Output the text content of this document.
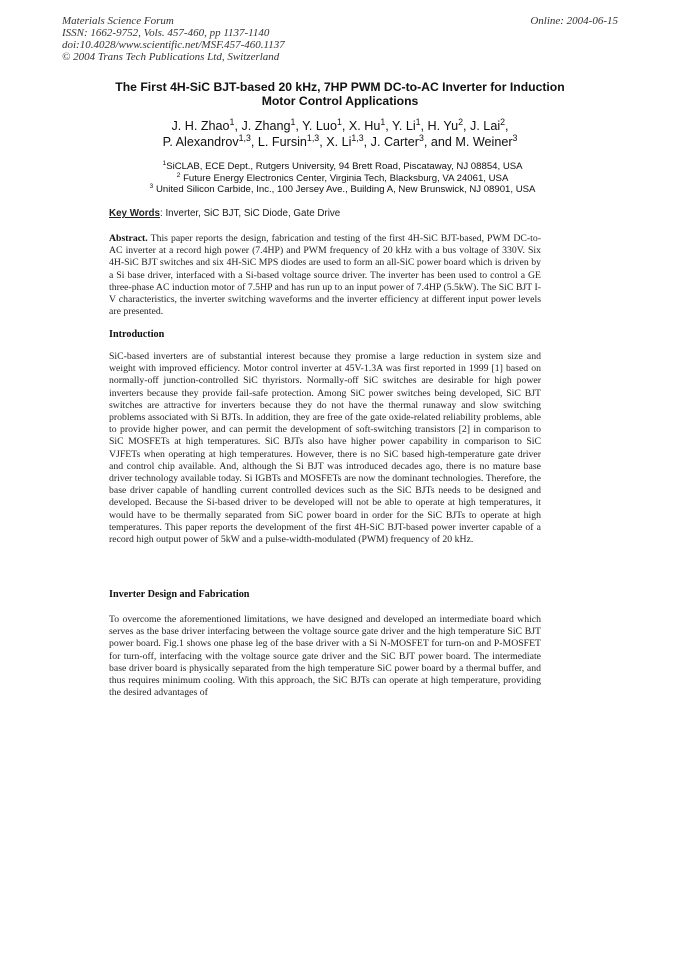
Materials Science Forum
ISSN: 1662-9752, Vols. 457-460, pp 1137-1140
doi:10.4028/www.scientific.net/MSF.457-460.1137
© 2004 Trans Tech Publications Ltd, Switzerland
Online: 2004-06-15
The First 4H-SiC BJT-based 20 kHz, 7HP PWM DC-to-AC Inverter for Induction Motor Control Applications
J. H. Zhao$^1$, J. Zhang$^1$, Y. Luo$^1$, X. Hu$^1$, Y. Li$^1$, H. Yu$^2$, J. Lai$^2$,
P. Alexandrov$^{1,3}$, L. Fursin$^{1,3}$, X. Li$^{1,3}$, J. Carter$^3$, and M. Weiner$^3$
$^1$SiCLAB, ECE Dept., Rutgers University, 94 Brett Road, Piscataway, NJ 08854, USA
$^2$ Future Energy Electronics Center, Virginia Tech, Blacksburg, VA 24061, USA
$^3$ United Silicon Carbide, Inc., 100 Jersey Ave., Building A, New Brunswick, NJ 08901, USA
Key Words: Inverter, SiC BJT, SiC Diode, Gate Drive
Abstract. This paper reports the design, fabrication and testing of the first 4H-SiC BJT-based, PWM DC-to-AC inverter at a record high power (7.4HP) and PWM frequency of 20 kHz with a bus voltage of 330V. Six 4H-SiC BJT switches and six 4H-SiC MPS diodes are used to form an all-SiC power board which is driven by a Si base driver, interfaced with a Si-based voltage source driver. The inverter has been used to control a GE three-phase AC induction motor of 7.5HP and has run up to an input power of 7.4HP (5.5kW). The SiC BJT I-V characteristics, the inverter switching waveforms and the inverter efficiency at different input power levels are presented.
Introduction
SiC-based inverters are of substantial interest because they promise a large reduction in system size and weight with improved efficiency. Motor control inverter at 45V-1.3A was first reported in 1999 [1] based on normally-off junction-controlled SiC thyristors. Normally-off SiC switches are desirable for high power inverters because they provide fail-safe protection. Among SiC power switches being developed, SiC BJT switches are attractive for inverters because they do not have the thermal runaway and slow switching problems associated with Si BJTs. In addition, they are free of the gate oxide-related reliability problems, able to provide higher power, and can permit the development of soft-switching transistors [2] in comparison to SiC MOSFETs at high temperatures. SiC BJTs also have higher power capability in comparison to SiC VJFETs when operating at high temperatures. However, there is no SiC based high-temperature gate driver and control chip available. And, although the Si BJT was introduced decades ago, there is no mature base driver technology available today. Si IGBTs and MOSFETs are now the dominant technologies. Therefore, the base driver capable of handling current controlled devices such as the SiC BJTs needs to be designed and developed. Because the Si-based driver to be developed will not be able to operate at high temperatures, it would have to be thermally separated from SiC power board in order for the SiC BJTs to operate at high temperatures. This paper reports the development of the first 4H-SiC BJT-based power inverter capable of a record high output power of 5kW and a pulse-width-modulated (PWM) frequency of 20 kHz.
Inverter Design and Fabrication
To overcome the aforementioned limitations, we have designed and developed an intermediate board which serves as the base driver interfacing between the voltage source gate driver and the high temperature SiC BJT power board. Fig.1 shows one phase leg of the base driver with a Si N-MOSFET for turn-on and P-MOSFET for turn-off, interfacing with the voltage source gate driver and the SiC BJT power board. The intermediate base driver board is physically separated from the high temperature SiC power board by a thermal buffer, and thus requires minimum cooling. With this approach, the SiC BJTs can operate at high temperature, providing the desired advantages of
